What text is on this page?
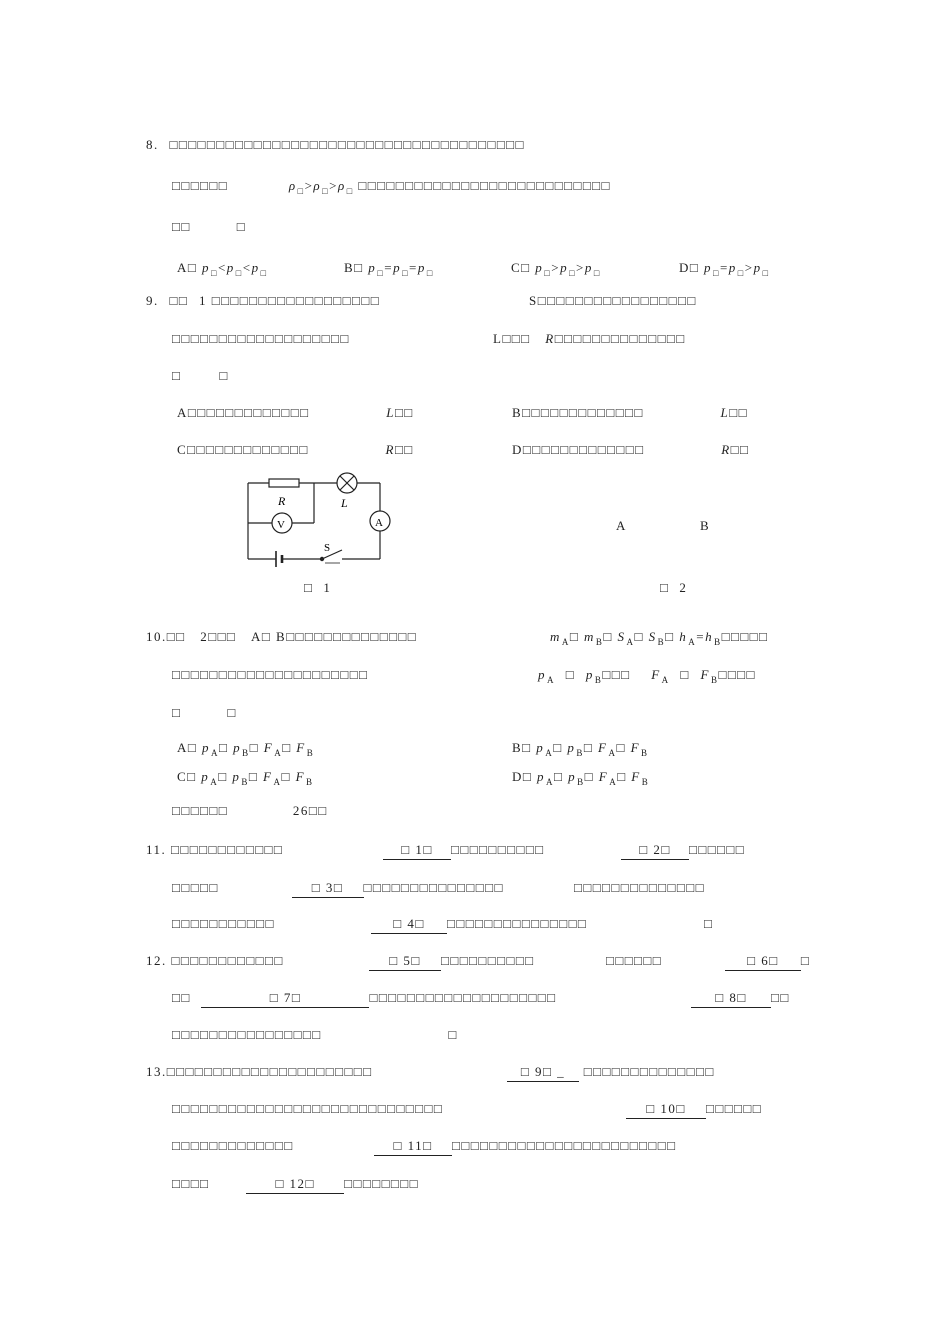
8. □□□□□□□□□□□□□□□□□□□□□□□□□□□□□□□□□□□□□□
□□□□□□	$\rho_□>\rho_□>\rho_□$ □□□□□□□□□□□□□□□□□□□□□□□□□□□
□□	□
A□ $p_□<p_□<p_□$	B□ $p_□=p_□=p_□$	C□ $p_□>p_□>p_□$	D□ $p_□=p_□>p_□$
9. □□ 1 □□□□□□□□□□□□□□□□□□	S□□□□□□□□□□□□□□□□□
□□□□□□□□□□□□□□□□□□□	L□□□ R□□□□□□□□□□□□□□
□	□
A□□□□□□□□□□□□□	L□□	B□□□□□□□□□□□□□	L□□
C□□□□□□□□□□□□□	R□□	D□□□□□□□□□□□□□	R□□
R	L
V	A
S
□ 1
A	B
□ 2
10.□□ 2□□□ A□ B□□□□□□□□□□□□□□	$m_A□$ $m_B□$ $S_A□$ $S_B□$ $h_A=h_B□□□□□$
□□□□□□□□□□□□□□□□□□□□□	$p_A$ □ $p_B□□□$ $F_A$ □ $F_B□□□□$
□	□
A□ $p_A□$ $p_B□$ $F_A□$ $F_B$	B□ $p_A□$ $p_B□$ $F_A□$ $F_B$
C□ $p_A□$ $p_B□$ $F_A□$ $F_B$	D□ $p_A□$ $p_B□$ $F_A□$ $F_B$
□□□□□□	26□□
11. □□□□□□□□□□□□	□ 1□ □□□□□□□□□□	□ 2□ □□□□□□
□□□□□	□ 3□ □□□□□□□□□□□□□□□	□□□□□□□□□□□□□□
□□□□□□□□□□□	□ 4□ □□□□□□□□□□□□□□□	□
12. □□□□□□□□□□□□	□ 5□ □□□□□□□□□□	□□□□□□	□ 6□ □
□□	□ 7□	□□□□□□□□□□□□□□□□□□□□	□ 8□ □□
□□□□□□□□□□□□□□□□	□
13.□□□□□□□□□□□□□□□□□□□□□□	□ 9□ _ □□□□□□□□□□□□□□
□□□□□□□□□□□□□□□□□□□□□□□□□□□□□	□ 10□ □□□□□□
□□□□□□□□□□□□□	□ 11□ □□□□□□□□□□□□□□□□□□□□□□□□
□□□□	□ 12□ □□□□□□□□
